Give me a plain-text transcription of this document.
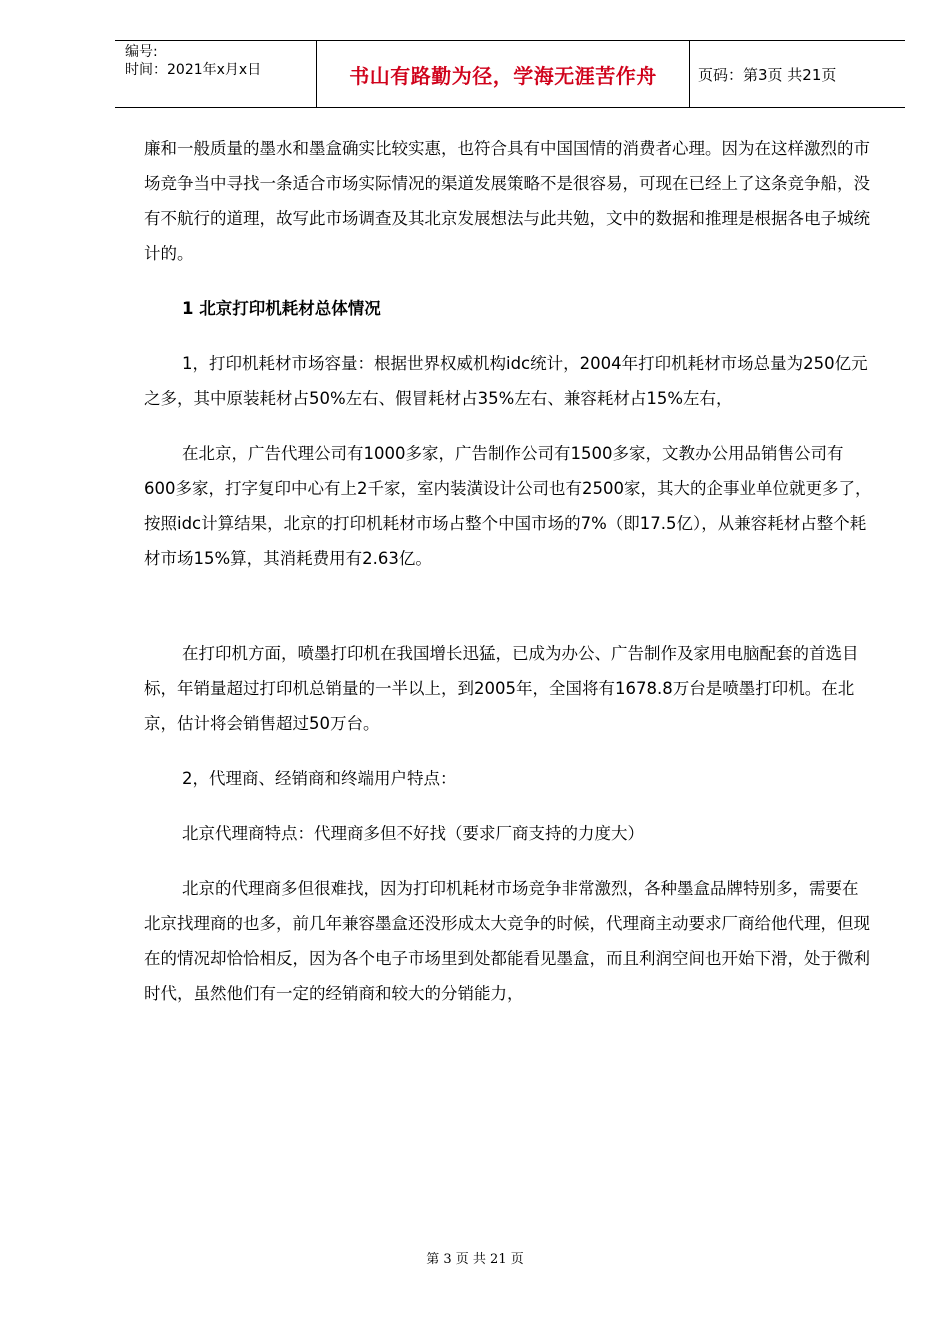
编号:
时间：2021年x月x日	书山有路勤为径，学海无涯苦作舟	页码：第3页 共21页

廉和一般质量的墨水和墨盒确实比较实惠，也符合具有中国国情的消费者心理。因为在这样激烈的市场竞争当中寻找一条适合市场实际情况的渠道发展策略不是很容易，可现在已经上了这条竞争船，没有不航行的道理，故写此市场调查及其北京发展想法与此共勉，文中的数据和推理是根据各电子城统计的。

1 北京打印机耗材总体情况

1，打印机耗材市场容量：根据世界权威机构idc统计，2004年打印机耗材市场总量为250亿元之多，其中原装耗材占50%左右、假冒耗材占35%左右、兼容耗材占15%左右，

在北京，广告代理公司有1000多家，广告制作公司有1500多家，文教办公用品销售公司有600多家，打字复印中心有上2千家，室内装潢设计公司也有2500家，其大的企事业单位就更多了，按照idc计算结果，北京的打印机耗材市场占整个中国市场的7%（即17.5亿），从兼容耗材占整个耗材市场15%算，其消耗费用有2.63亿。

在打印机方面，喷墨打印机在我国增长迅猛，已成为办公、广告制作及家用电脑配套的首选目标，年销量超过打印机总销量的一半以上，到2005年，全国将有1678.8万台是喷墨打印机。在北京，估计将会销售超过50万台。

2，代理商、经销商和终端用户特点：

北京代理商特点：代理商多但不好找（要求厂商支持的力度大）

北京的代理商多但很难找，因为打印机耗材市场竞争非常激烈，各种墨盒品牌特别多，需要在北京找理商的也多，前几年兼容墨盒还没形成太大竞争的时候，代理商主动要求厂商给他代理，但现在的情况却恰恰相反，因为各个电子市场里到处都能看见墨盒，而且利润空间也开始下滑，处于微利时代，虽然他们有一定的经销商和较大的分销能力，

第 3 页 共 21 页
